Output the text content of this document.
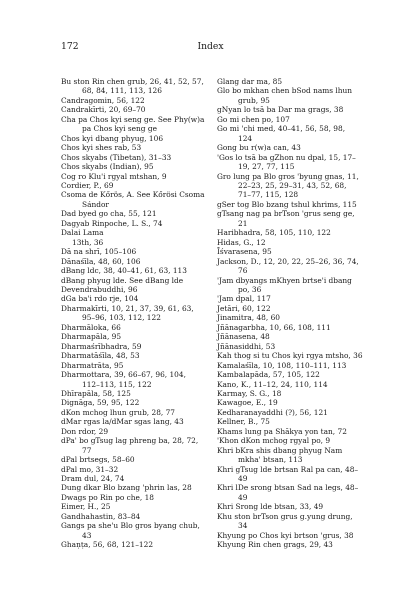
172	Index
Bu ston Rin chen grub, 26, 41, 52, 57,
68, 84, 111, 113, 126
Candragomin, 56, 122
Candrakīrti, 20, 69–70
Cha pa Chos kyi seng ge. See Phy(w)a
pa Chos kyi seng ge
Chos kyi dbang phyug, 106
Chos kyi shes rab, 53
Chos skyabs (Tibetan), 31–33
Chos skyabs (Indian), 95
Cog ro Klu'i rgyal mtshan, 9
Cordier, P., 69
Csoma de Kőrös, A. See Kőrösi Csoma
Sándor
Dad byed go cha, 55, 121
Dagyab Rinpoche, L. S., 74
Dalai Lama
13th, 36
Dā na shrī, 105–106
Dānaśīla, 48, 60, 106
dBang ldc, 38, 40–41, 61, 63, 113
dBang phyug lde. See dBang lde
Devendrabuddhi, 96
dGa ba'i rdo rje, 104
Dharmakīrti, 10, 21, 37, 39, 61, 63,
95–96, 103, 112, 122
Dharmāloka, 66
Dharmapāla, 95
Dharmaśrībhadra, 59
Dharmatāśīla, 48, 53
Dharmatrāta, 95
Dharmottara, 39, 66–67, 96, 104,
112–113, 115, 122
Dhīrapāla, 58, 125
Dignāga, 59, 95, 122
dKon mchog lhun grub, 28, 77
dMar rgas la/dMar sgas lang, 43
Don rdor, 29
dPa' bo gTsug lag phreng ba, 28, 72,
77
dPal brtsegs, 58–60
dPal mo, 31–32
Dram dul, 24, 74
Dung dkar Blo bzang 'phrin las, 28
Dwags po Rin po che, 18
Eimer, H., 25
Gandhahastin, 83–84
Gangs pa she'u Blo gros byang chub,
43
Ghaṇṭa, 56, 68, 121–122
Glang dar ma, 85
Glo bo mkhan chen bSod nams lhun
grub, 95
gNyan lo tsā ba Dar ma grags, 38
Go mi chen po, 107
Go mi 'chi med, 40–41, 56, 58, 98,
124
Gong bu r(w)a can, 43
'Gos lo tsā ba gZhon nu dpal, 15, 17–
19, 27, 77, 115
Gro lung pa Blo gros 'byung gnas, 11,
22–23, 25, 29–31, 43, 52, 68,
71–77, 115, 128
gSer tog Blo bzang tshul khrims, 115
gTsang nag pa brTson 'grus seng ge,
21
Haribhadra, 58, 105, 110, 122
Hidas, G., 12
Īśvarasena, 95
Jackson, D., 12, 20, 22, 25–26, 36, 74,
76
'Jam dbyangs mKhyen brtse'i dbang
po, 36
'Jam dpal, 117
Jetāri, 60, 122
Jinamitra, 48, 60
Jñānagarbha, 10, 66, 108, 111
Jñānasena, 48
Jñānasiddhi, 53
Kah thog si tu Chos kyi rgya mtsho, 36
Kamalaśīla, 10, 108, 110–111, 113
Kambalapāda, 57, 105, 122
Kano, K., 11–12, 24, 110, 114
Karmay, S. G., 18
Kawagoe, E., 19
Kedharanayaddhi (?), 56, 121
Kellner, B., 75
Khams lung pa Shākya yon tan, 72
'Khon dKon mchog rgyal po, 9
Khri bKra shis dbang phyug Nam
mkha' btsan, 113
Khri gTsug lde brtsan Ral pa can, 48–
49
Khri lDe srong btsan Sad na legs, 48–
49
Khri Srong lde btsan, 33, 49
Khu ston brTson grus g.yung drung,
34
Khyung po Chos kyi brtson 'grus, 38
Khyung Rin chen grags, 29, 43
